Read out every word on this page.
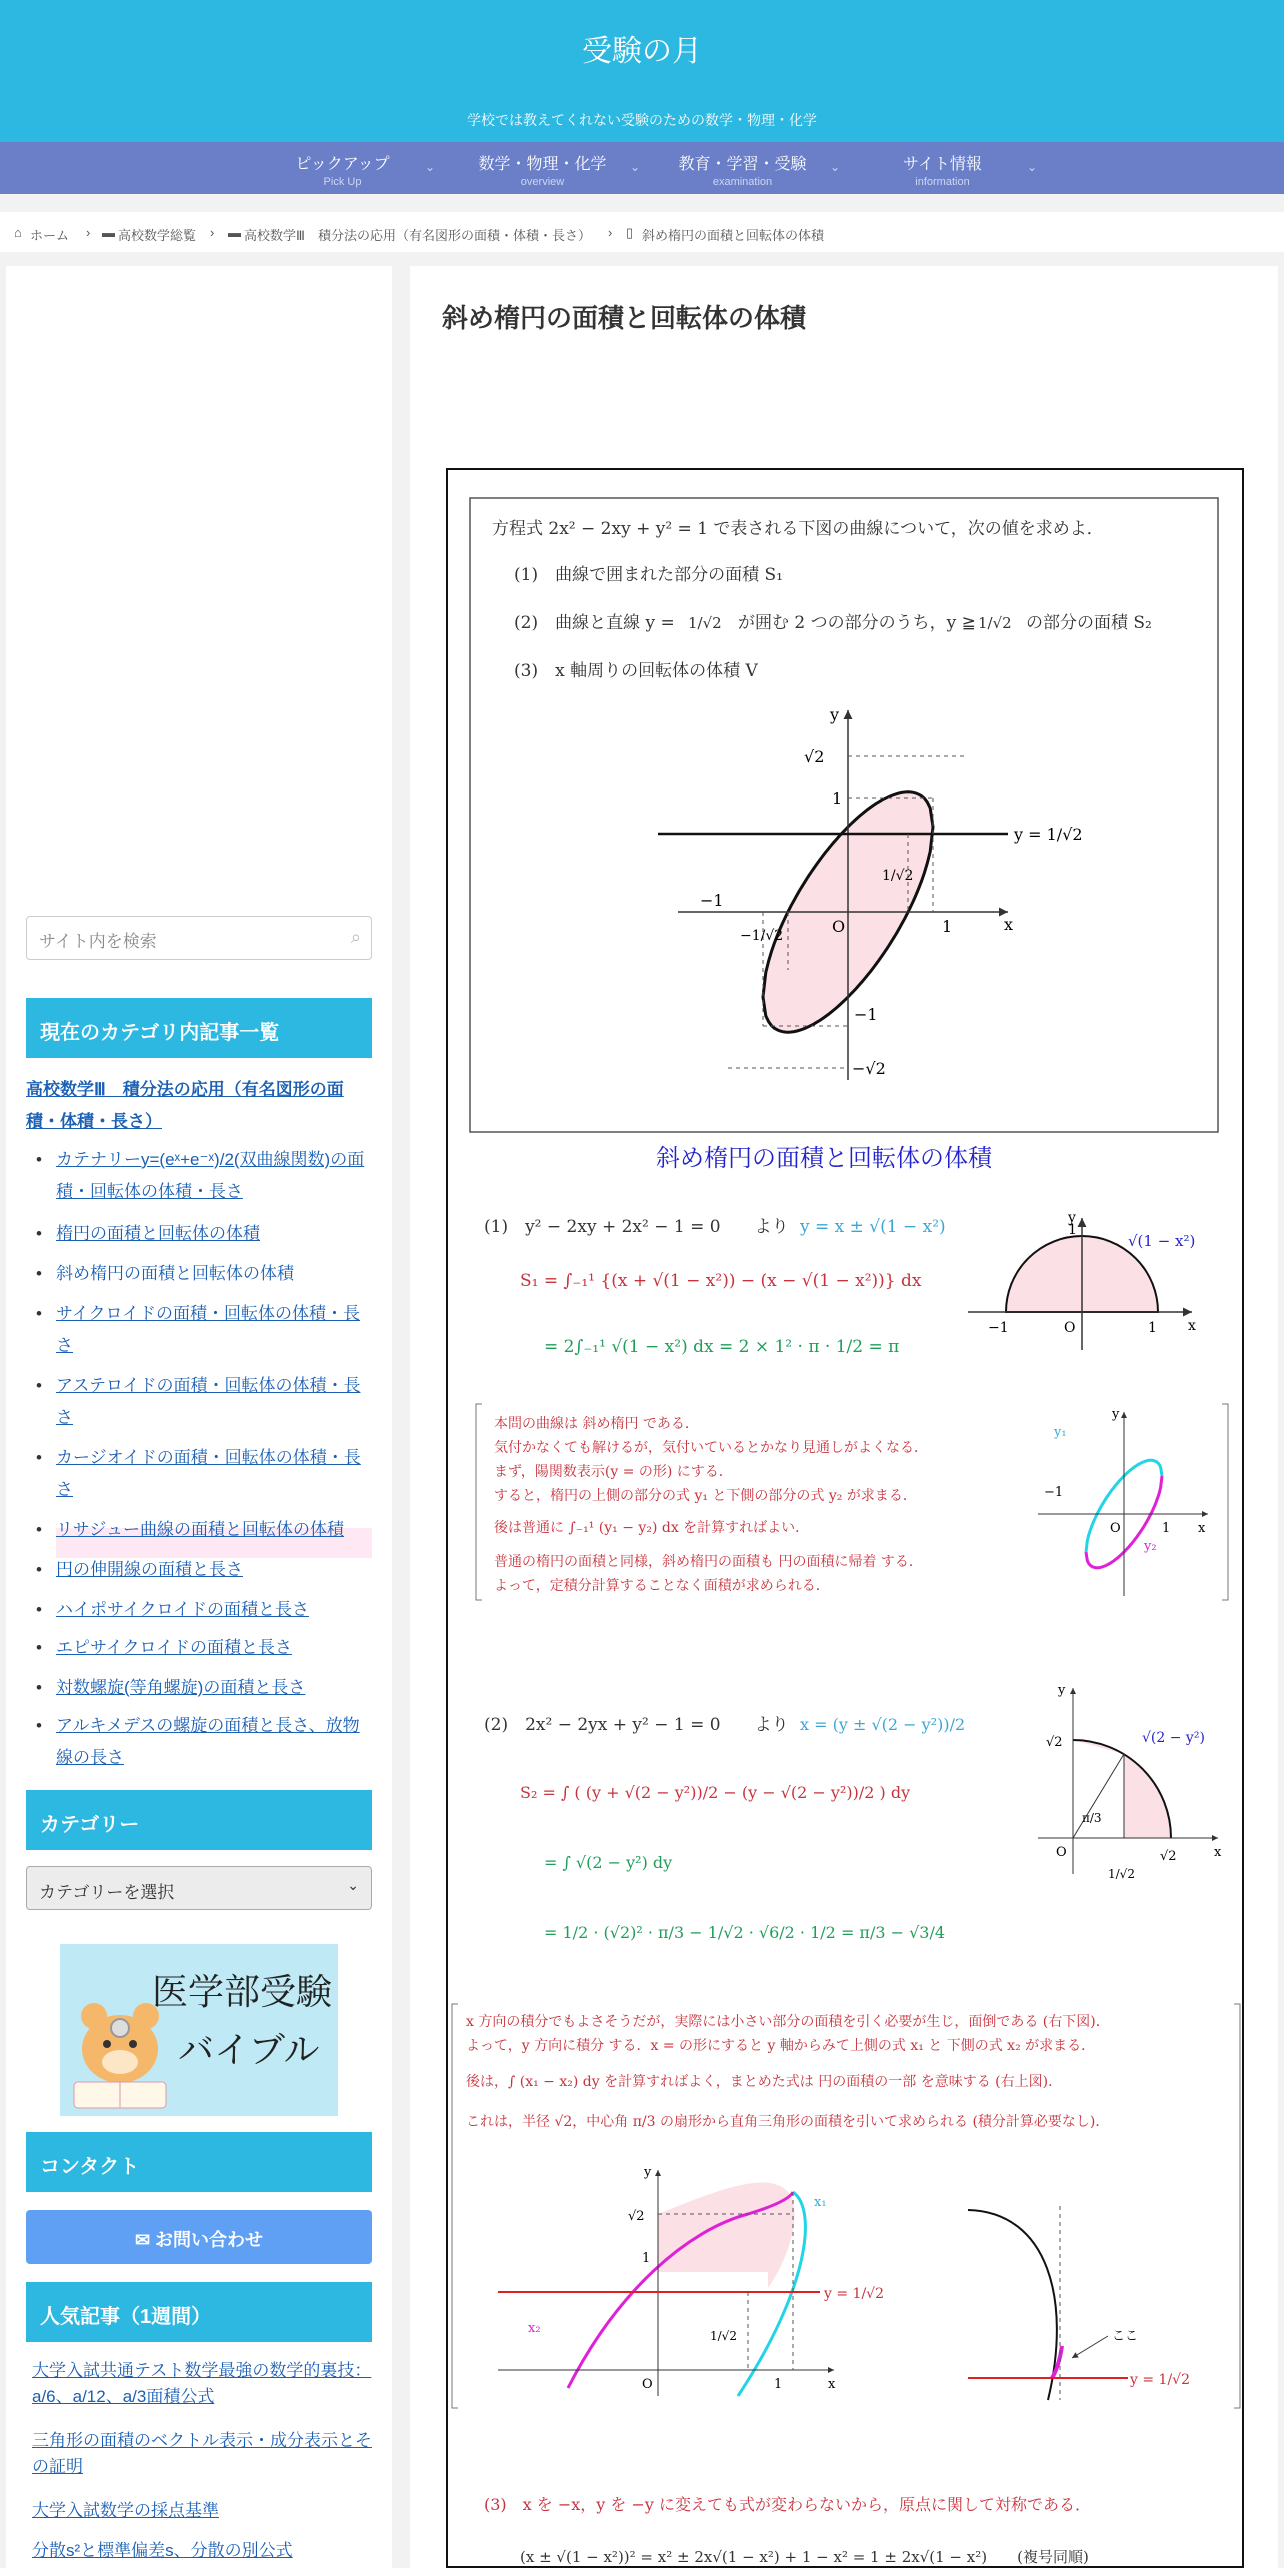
受験の月
学校では教えてくれない受験のための数学・物理・化学
ピックアップ
Pick Up
⌄	数学・物理・化学
overview
⌄	教育・学習・受験
examination
⌄	サイト情報
information
⌄
⌂ ホーム › ▬ 高校数学総覧 › ▬ 高校数学Ⅲ　積分法の応用（有名図形の面積・体積・長さ） › ▯ 斜め楕円の面積と回転体の体積
サイト内を検索	⌕
現在のカテゴリ内記事一覧
高校数学Ⅲ　積分法の応用（有名図形の面積・体積・長さ）
• カテナリーy=(eˣ+e⁻ˣ)/2(双曲線関数)の面積・回転体の体積・長さ
• 楕円の面積と回転体の体積
• 斜め楕円の面積と回転体の体積
• サイクロイドの面積・回転体の体積・長さ
• アステロイドの面積・回転体の体積・長さ
• カージオイドの面積・回転体の体積・長さ
• リサジュー曲線の面積と回転体の体積
• 円の伸開線の面積と長さ
• ハイポサイクロイドの面積と長さ
• エピサイクロイドの面積と長さ
• 対数螺旋(等角螺旋)の面積と長さ
• アルキメデスの螺旋の面積と長さ、放物線の長さ
カテゴリー
カテゴリーを選択	⌄
医学部受験
バイブル
コンタクト
✉ お問い合わせ
人気記事（1週間）
大学入試共通テスト数学最強の数学的裏技：a/6、a/12、a/3面積公式
三角形の面積のベクトル表示・成分表示とその証明
大学入試数学の採点基準
分散s²と標準偏差s、分散の別公式
斜め楕円の面積と回転体の体積
方程式 2x² − 2xy + y² = 1 で表される下図の曲線について，次の値を求めよ．
(1)　曲線で囲まれた部分の面積 S₁
(2)　曲線と直線 y = 1/√2 が囲む 2 つの部分のうち，y ≧ 1/√2 の部分の面積 S₂
(3)　x 軸周りの回転体の体積 V
y
x
O
√2
1
1
−1
−1
−√2
1/√2
−1/√2
y = 1/√2
斜め楕円の面積と回転体の体積
(1)　y² − 2xy + 2x² − 1 = 0　　より y = x ± √(1 − x²)
S₁ = ∫₋₁¹ {(x + √(1 − x²)) − (x − √(1 − x²))} dx
= 2∫₋₁¹ √(1 − x²) dx = 2 × 1² · π · 1/2 = π
y
x
O
−1	1
1
√(1 − x²)
本問の曲線は 斜め楕円 である．
気付かなくても解けるが，気付いているとかなり見通しがよくなる．
まず，陽関数表示(y = の形) にする．
すると，楕円の上側の部分の式 y₁ と下側の部分の式 y₂ が求まる．
後は普通に ∫₋₁¹ (y₁ − y₂) dx を計算すればよい．
普通の楕円の面積と同様，斜め楕円の面積も 円の面積に帰着 する．
よって，定積分計算することなく面積が求められる．
y
x
O
y₁
y₂
−1
1
(2)　2x² − 2yx + y² − 1 = 0　　より x = (y ± √(2 − y²))/2
S₂ = ∫ ( (y + √(2 − y²))/2 − (y − √(2 − y²))/2 ) dy
= ∫ √(2 − y²) dy
= 1/2 · (√2)² · π/3 − 1/√2 · √6/2 · 1/2 = π/3 − √3/4
y
x
O
√2
√2
1/√2
π/3
√(2 − y²)
x 方向の積分でもよさそうだが，実際には小さい部分の面積を引く必要が生じ，面倒である (右下図)．
よって，y 方向に積分 する．x = の形にすると y 軸からみて上側の式 x₁ と 下側の式 x₂ が求まる．
後は，∫ (x₁ − x₂) dy を計算すればよく，まとめた式は 円の面積の一部 を意味する (右上図)．
これは，半径 √2，中心角 π/3 の扇形から直角三角形の面積を引いて求められる (積分計算必要なし)．
y
x
O
√2
1
1
1/√2
x₁
x₂
y = 1/√2
ここ
y = 1/√2
(3)　x を −x，y を −y に変えても式が変わらないから，原点に関して対称である．
(x ± √(1 − x²))² = x² ± 2x√(1 − x²) + 1 − x² = 1 ± 2x√(1 − x²)　　(複号同順)
